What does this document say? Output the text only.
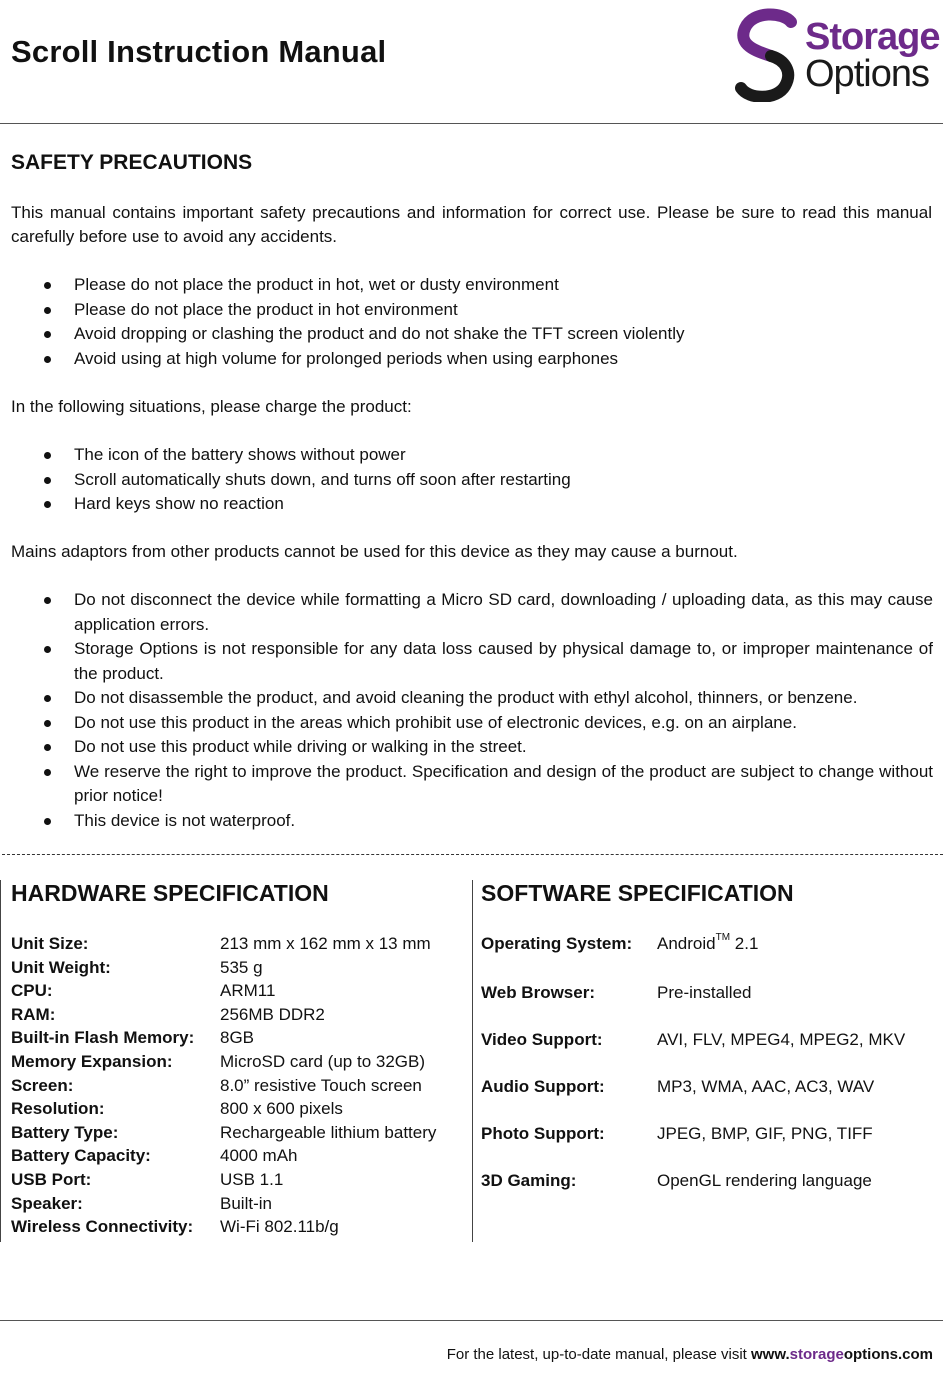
Scroll Instruction Manual	Storage
Options
SAFETY PRECAUTIONS

This manual contains important safety precautions and information for correct use. Please be sure to read this manual carefully before use to avoid any accidents.

Please do not place the product in hot, wet or dusty environment
Please do not place the product in hot environment
Avoid dropping or clashing the product and do not shake the TFT screen violently
Avoid using at high volume for prolonged periods when using earphones

In the following situations, please charge the product:

The icon of the battery shows without power
Scroll automatically shuts down, and turns off soon after restarting
Hard keys show no reaction

Mains adaptors from other products cannot be used for this device as they may cause a burnout.

Do not disconnect the device while formatting a Micro SD card, downloading / uploading data, as this may cause application errors.
Storage Options is not responsible for any data loss caused by physical damage to, or improper maintenance of the product.
Do not disassemble the product, and avoid cleaning the product with ethyl alcohol, thinners, or benzene.
Do not use this product in the areas which prohibit use of electronic devices, e.g. on an airplane.
Do not use this product while driving or walking in the street.
We reserve the right to improve the product. Specification and design of the product are subject to change without prior notice!
This device is not waterproof.
HARDWARE SPECIFICATION
Unit Size:	213 mm x 162 mm x 13 mm
Unit Weight:	535 g
CPU:	ARM11
RAM:	256MB DDR2
Built-in Flash Memory:	8GB
Memory Expansion:	MicroSD card (up to 32GB)
Screen:	8.0” resistive Touch screen
Resolution:	800 x 600 pixels
Battery Type:	Rechargeable lithium battery
Battery Capacity:	4000 mAh
USB Port:	USB 1.1
Speaker:	Built-in
Wireless Connectivity:	Wi-Fi 802.11b/g
SOFTWARE SPECIFICATION
Operating System: Android™ 2.1
Web Browser:	Pre-installed
Video Support:	AVI, FLV, MPEG4, MPEG2, MKV
Audio Support:	MP3, WMA, AAC, AC3, WAV
Photo Support:	JPEG, BMP, GIF, PNG, TIFF
3D Gaming:	OpenGL rendering language
For the latest, up-to-date manual, please visit www.storageoptions.com
